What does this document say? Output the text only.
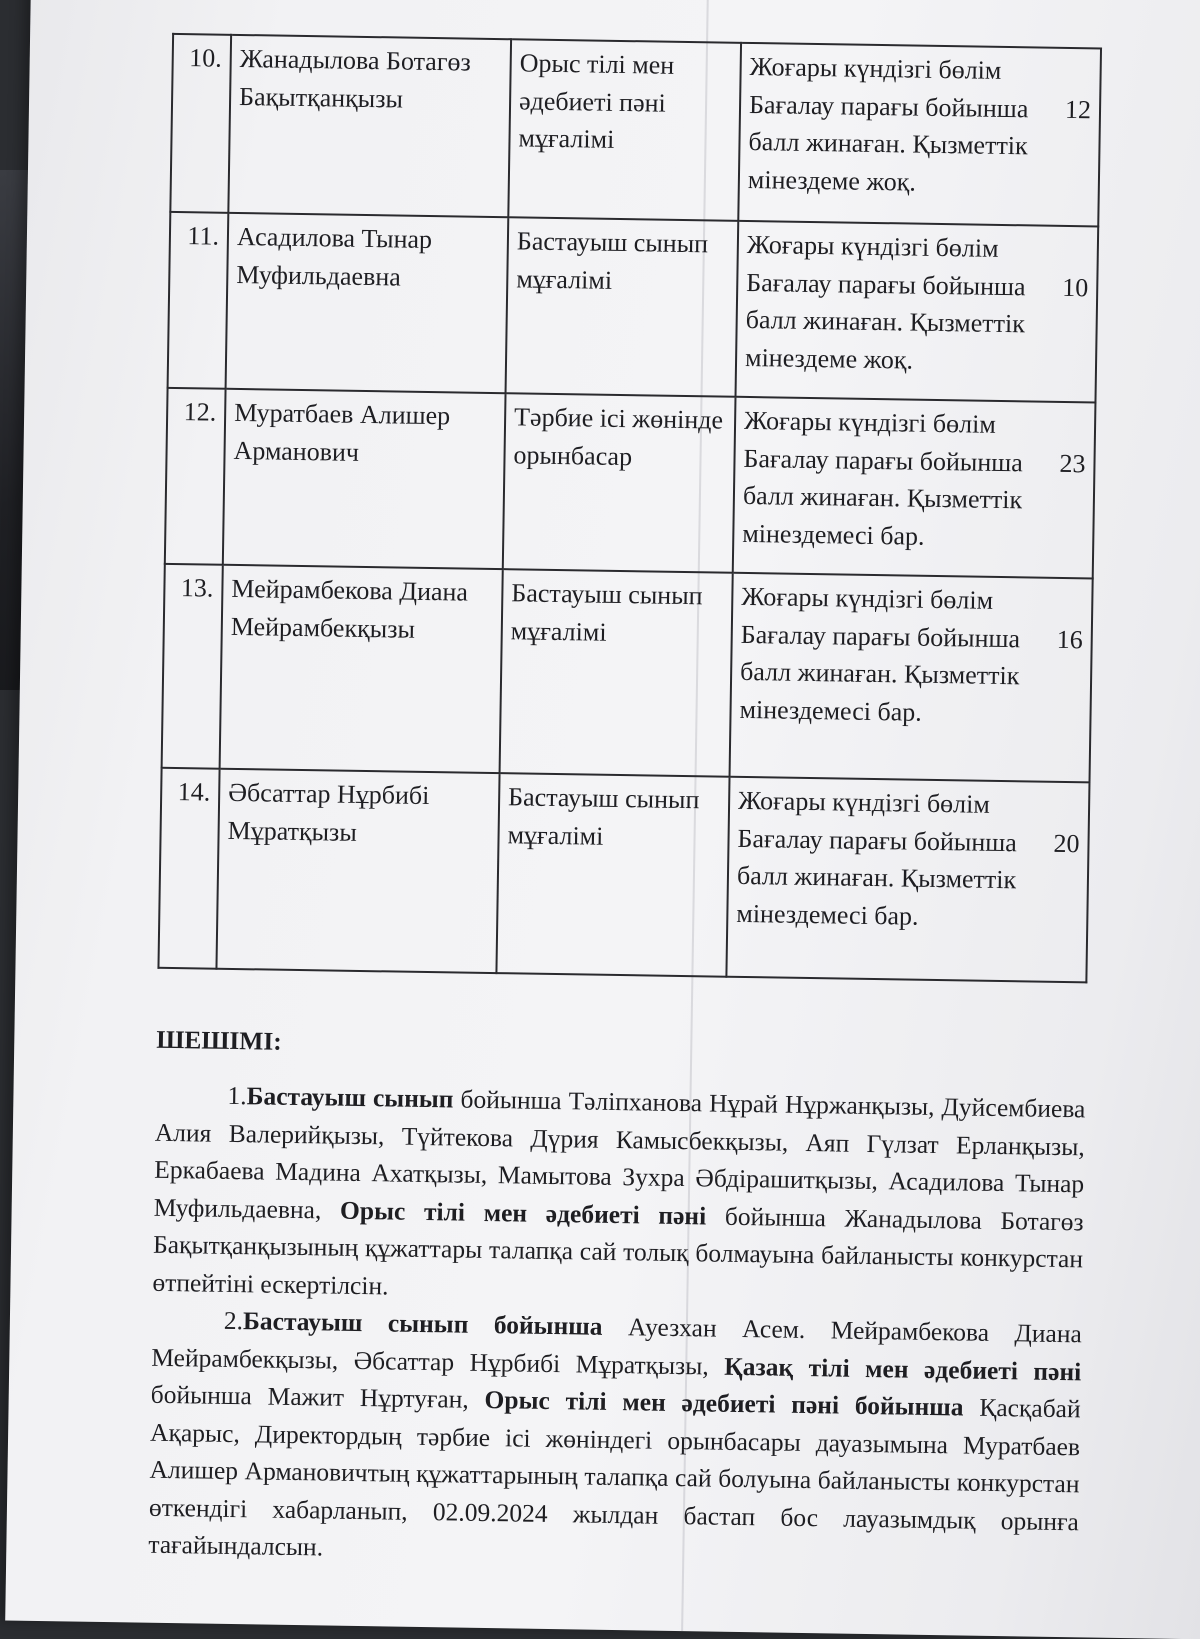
10.	Жанадылова Ботагөз Бақытқанқызы	Орыс тілі мен әдебиеті пәні мұғалімі	Жоғары күндізгі бөлім
Бағалау парағы бойынша 12
балл жинаған. Қызметтік
мінездеме жоқ.

11.	Асадилова Тынар Муфильдаевна	Бастауыш сынып мұғалімі	Жоғары күндізгі бөлім
Бағалау парағы бойынша 10
балл жинаған. Қызметтік
мінездеме жоқ.

12.	Муратбаев Алишер Арманович	Тәрбие ісі жөнінде орынбасар	Жоғары күндізгі бөлім
Бағалау парағы бойынша 23
балл жинаған. Қызметтік
мінездемесі бар.

13.	Мейрамбекова Диана Мейрамбекқызы	Бастауыш сынып мұғалімі	Жоғары күндізгі бөлім
Бағалау парағы бойынша 16
балл жинаған. Қызметтік
мінездемесі бар.

14.	Әбсаттар Нұрбибі Мұратқызы	Бастауыш сынып мұғалімі	Жоғары күндізгі бөлім
Бағалау парағы бойынша 20
балл жинаған. Қызметтік
мінездемесі бар.
ШЕШІМІ:

1.Бастауыш сынып бойынша Тәліпханова Нұрай Нұржанқызы, Дуйсембиева Алия Валерийқызы, Түйтекова Дүрия Камысбекқызы, Аяп Гүлзат Ерланқызы, Еркабаева Мадина Ахатқызы, Мамытова Зухра Әбдірашитқызы, Асадилова Тынар Муфильдаевна, Орыс тілі мен әдебиеті пәні бойынша Жанадылова Ботагөз Бақытқанқызының құжаттары талапқа сай толық болмауына байланысты конкурстан өтпейтіні ескертілсін.

2.Бастауыш сынып бойынша Ауезхан Асем. Мейрамбекова Диана Мейрамбекқызы, Әбсаттар Нұрбибі Мұратқызы, Қазақ тілі мен әдебиеті пәні бойынша Мажит Нұртуған, Орыс тілі мен әдебиеті пәні бойынша Қасқабай Ақарыс, Директордың тәрбие ісі жөніндегі орынбасары дауазымына Муратбаев Алишер Армановичтың құжаттарының талапқа сай болуына байланысты конкурстан өткендігі хабарланып, 02.09.2024 жылдан бастап бос лауазымдық орынға тағайындалсын.
